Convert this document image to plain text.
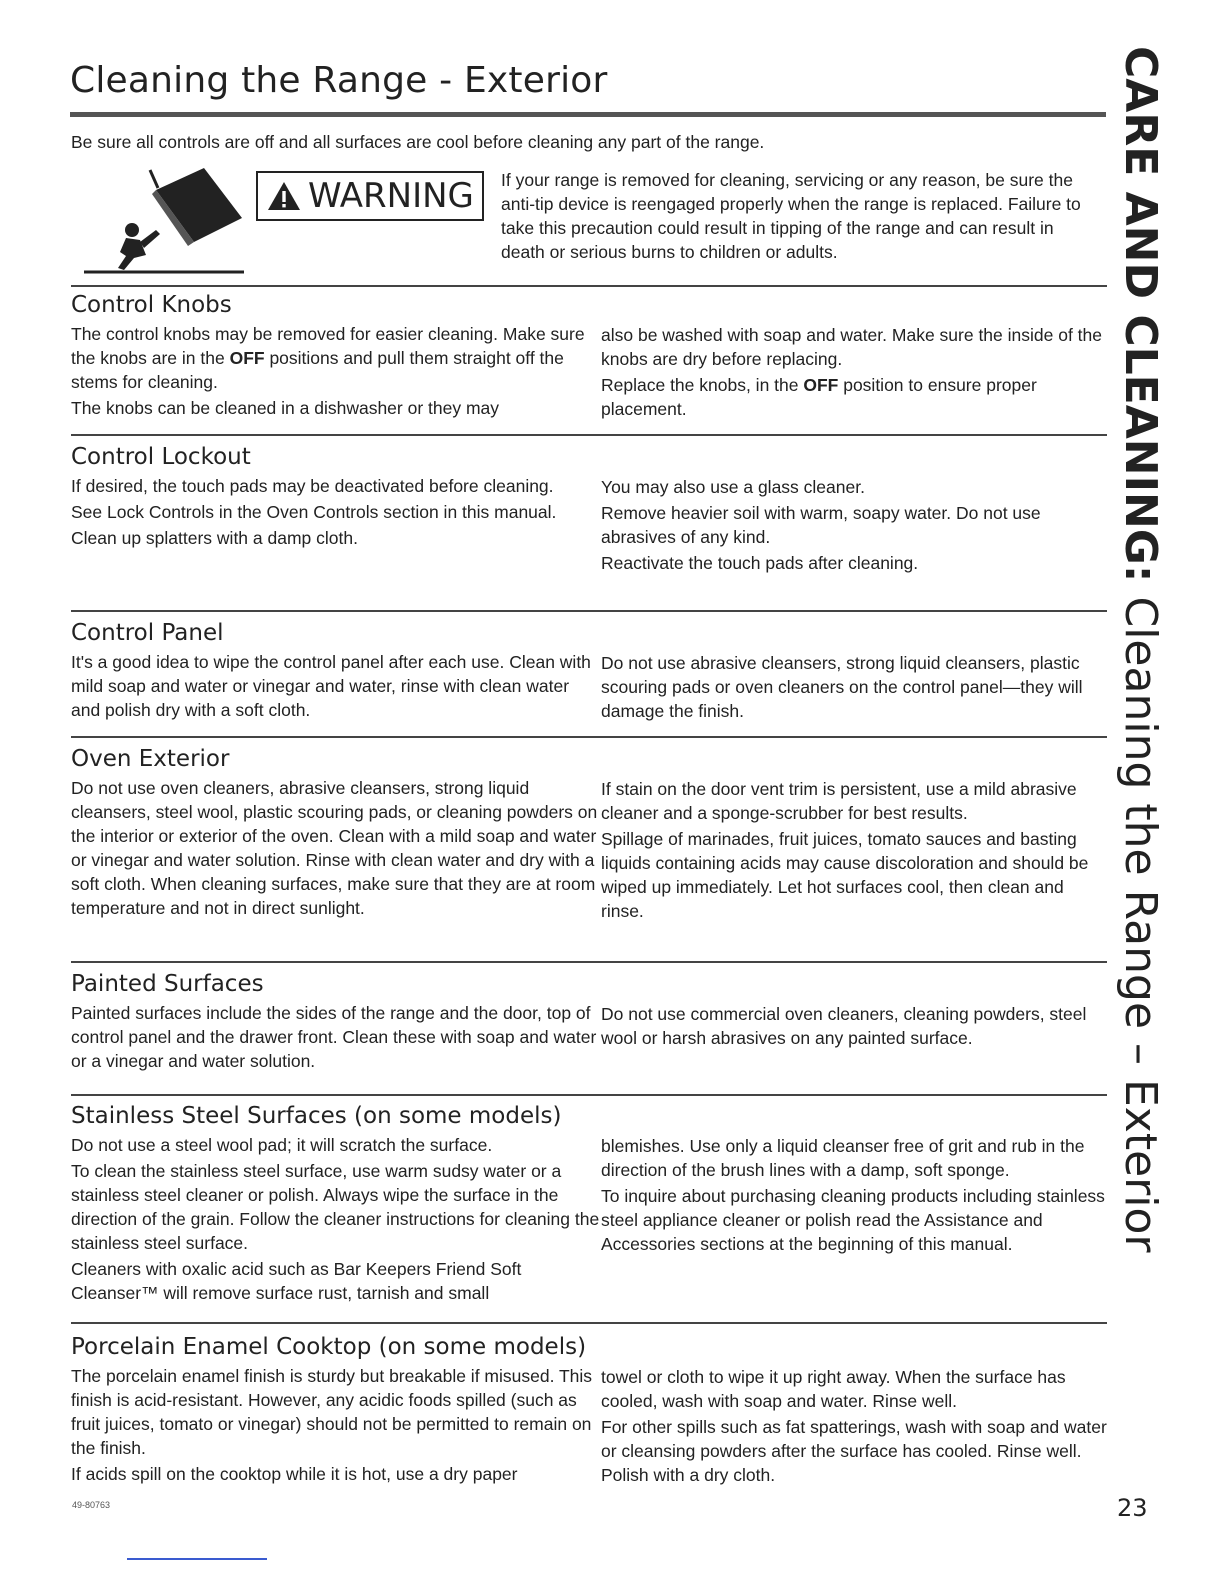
Cleaning the Range - Exterior
Be sure all controls are off and all surfaces are cool before cleaning any part of the range.
WARNING If your range is removed for cleaning, servicing or any reason, be sure the anti-tip device is reengaged properly when the range is replaced. Failure to take this precaution could result in tipping of the range and can result in death or serious burns to children or adults.
Control Knobs

The control knobs may be removed for easier cleaning. Make sure the knobs are in the OFF positions and pull them straight off the stems for cleaning.

The knobs can be cleaned in a dishwasher or they may

also be washed with soap and water. Make sure the inside of the knobs are dry before replacing.

Replace the knobs, in the OFF position to ensure proper placement.

Control Lockout

If desired, the touch pads may be deactivated before cleaning.

See Lock Controls in the Oven Controls section in this manual.

Clean up splatters with a damp cloth.

You may also use a glass cleaner.

Remove heavier soil with warm, soapy water. Do not use abrasives of any kind.

Reactivate the touch pads after cleaning.

Control Panel

It's a good idea to wipe the control panel after each use. Clean with mild soap and water or vinegar and water, rinse with clean water and polish dry with a soft cloth.

Do not use abrasive cleansers, strong liquid cleansers, plastic scouring pads or oven cleaners on the control panel—they will damage the finish.

Oven Exterior

Do not use oven cleaners, abrasive cleansers, strong liquid cleansers, steel wool, plastic scouring pads, or cleaning powders on the interior or exterior of the oven. Clean with a mild soap and water or vinegar and water solution. Rinse with clean water and dry with a soft cloth. When cleaning surfaces, make sure that they are at room temperature and not in direct sunlight.

If stain on the door vent trim is persistent, use a mild abrasive cleaner and a sponge-scrubber for best results.

Spillage of marinades, fruit juices, tomato sauces and basting liquids containing acids may cause discoloration and should be wiped up immediately. Let hot surfaces cool, then clean and rinse.

Painted Surfaces

Painted surfaces include the sides of the range and the door, top of control panel and the drawer front. Clean these with soap and water or a vinegar and water solution.

Do not use commercial oven cleaners, cleaning powders, steel wool or harsh abrasives on any painted surface.

Stainless Steel Surfaces (on some models)

Do not use a steel wool pad; it will scratch the surface.

To clean the stainless steel surface, use warm sudsy water or a stainless steel cleaner or polish. Always wipe the surface in the direction of the grain. Follow the cleaner instructions for cleaning the stainless steel surface.

Cleaners with oxalic acid such as Bar Keepers Friend Soft Cleanser™ will remove surface rust, tarnish and small

blemishes. Use only a liquid cleanser free of grit and rub in the direction of the brush lines with a damp, soft sponge.

To inquire about purchasing cleaning products including stainless steel appliance cleaner or polish read the Assistance and Accessories sections at the beginning of this manual.

Porcelain Enamel Cooktop (on some models)

The porcelain enamel finish is sturdy but breakable if misused. This finish is acid-resistant. However, any acidic foods spilled (such as fruit juices, tomato or vinegar) should not be permitted to remain on the finish.

If acids spill on the cooktop while it is hot, use a dry paper

towel or cloth to wipe it up right away. When the surface has cooled, wash with soap and water. Rinse well.

For other spills such as fat spatterings, wash with soap and water or cleansing powders after the surface has cooled. Rinse well. Polish with a dry cloth.

CARE AND CLEANING: Cleaning the Range – Exterior
49-80763	23
